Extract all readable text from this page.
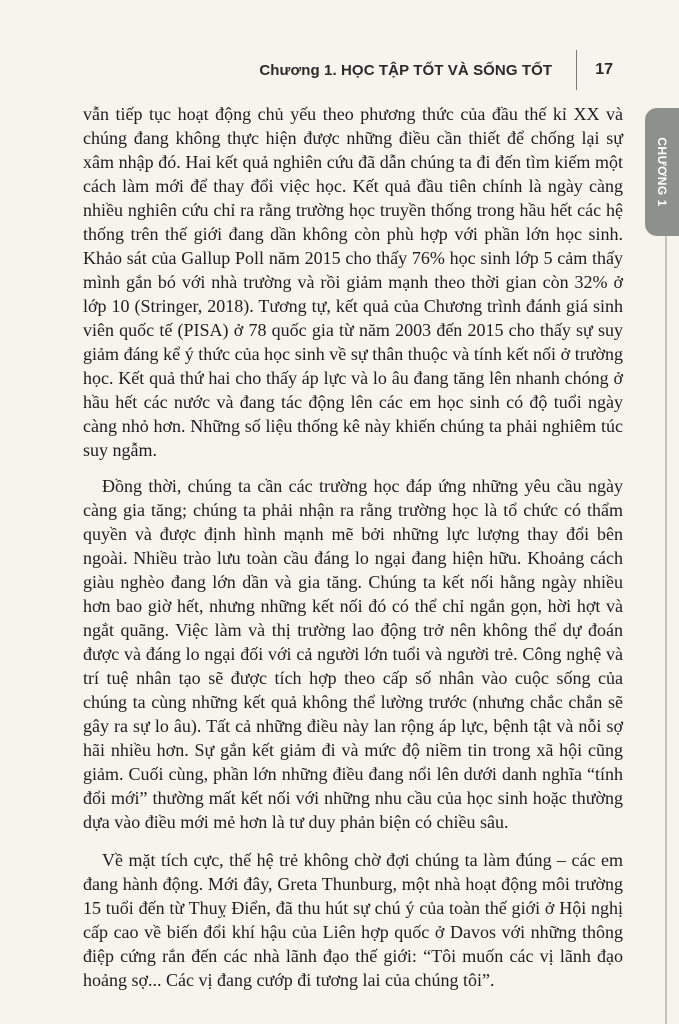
Chương 1. HỌC TẬP TỐT VÀ SỐNG TỐT	17
CHƯƠNG 1

vẫn tiếp tục hoạt động chủ yếu theo phương thức của đầu thế kỉ XX và chúng đang không thực hiện được những điều cần thiết để chống lại sự xâm nhập đó. Hai kết quả nghiên cứu đã dẫn chúng ta đi đến tìm kiếm một cách làm mới để thay đổi việc học. Kết quả đầu tiên chính là ngày càng nhiều nghiên cứu chỉ ra rằng trường học truyền thống trong hầu hết các hệ thống trên thế giới đang dần không còn phù hợp với phần lớn học sinh. Khảo sát của Gallup Poll năm 2015 cho thấy 76% học sinh lớp 5 cảm thấy mình gắn bó với nhà trường và rồi giảm mạnh theo thời gian còn 32% ở lớp 10 (Stringer, 2018). Tương tự, kết quả của Chương trình đánh giá sinh viên quốc tế (PISA) ở 78 quốc gia từ năm 2003 đến 2015 cho thấy sự suy giảm đáng kể ý thức của học sinh về sự thân thuộc và tính kết nối ở trường học. Kết quả thứ hai cho thấy áp lực và lo âu đang tăng lên nhanh chóng ở hầu hết các nước và đang tác động lên các em học sinh có độ tuổi ngày càng nhỏ hơn. Những số liệu thống kê này khiến chúng ta phải nghiêm túc suy ngẫm.

Đồng thời, chúng ta cần các trường học đáp ứng những yêu cầu ngày càng gia tăng; chúng ta phải nhận ra rằng trường học là tổ chức có thẩm quyền và được định hình mạnh mẽ bởi những lực lượng thay đổi bên ngoài. Nhiều trào lưu toàn cầu đáng lo ngại đang hiện hữu. Khoảng cách giàu nghèo đang lớn dần và gia tăng. Chúng ta kết nối hằng ngày nhiều hơn bao giờ hết, nhưng những kết nối đó có thể chỉ ngắn gọn, hời hợt và ngắt quãng. Việc làm và thị trường lao động trở nên không thể dự đoán được và đáng lo ngại đối với cả người lớn tuổi và người trẻ. Công nghệ và trí tuệ nhân tạo sẽ được tích hợp theo cấp số nhân vào cuộc sống của chúng ta cùng những kết quả không thể lường trước (nhưng chắc chắn sẽ gây ra sự lo âu). Tất cả những điều này lan rộng áp lực, bệnh tật và nỗi sợ hãi nhiều hơn. Sự gắn kết giảm đi và mức độ niềm tin trong xã hội cũng giảm. Cuối cùng, phần lớn những điều đang nổi lên dưới danh nghĩa “tính đổi mới” thường mất kết nối với những nhu cầu của học sinh hoặc thường dựa vào điều mới mẻ hơn là tư duy phản biện có chiều sâu.

Về mặt tích cực, thế hệ trẻ không chờ đợi chúng ta làm đúng – các em đang hành động. Mới đây, Greta Thunburg, một nhà hoạt động môi trường 15 tuổi đến từ Thuỵ Điển, đã thu hút sự chú ý của toàn thế giới ở Hội nghị cấp cao về biến đổi khí hậu của Liên hợp quốc ở Davos với những thông điệp cứng rắn đến các nhà lãnh đạo thế giới: “Tôi muốn các vị lãnh đạo hoảng sợ... Các vị đang cướp đi tương lai của chúng tôi”.
